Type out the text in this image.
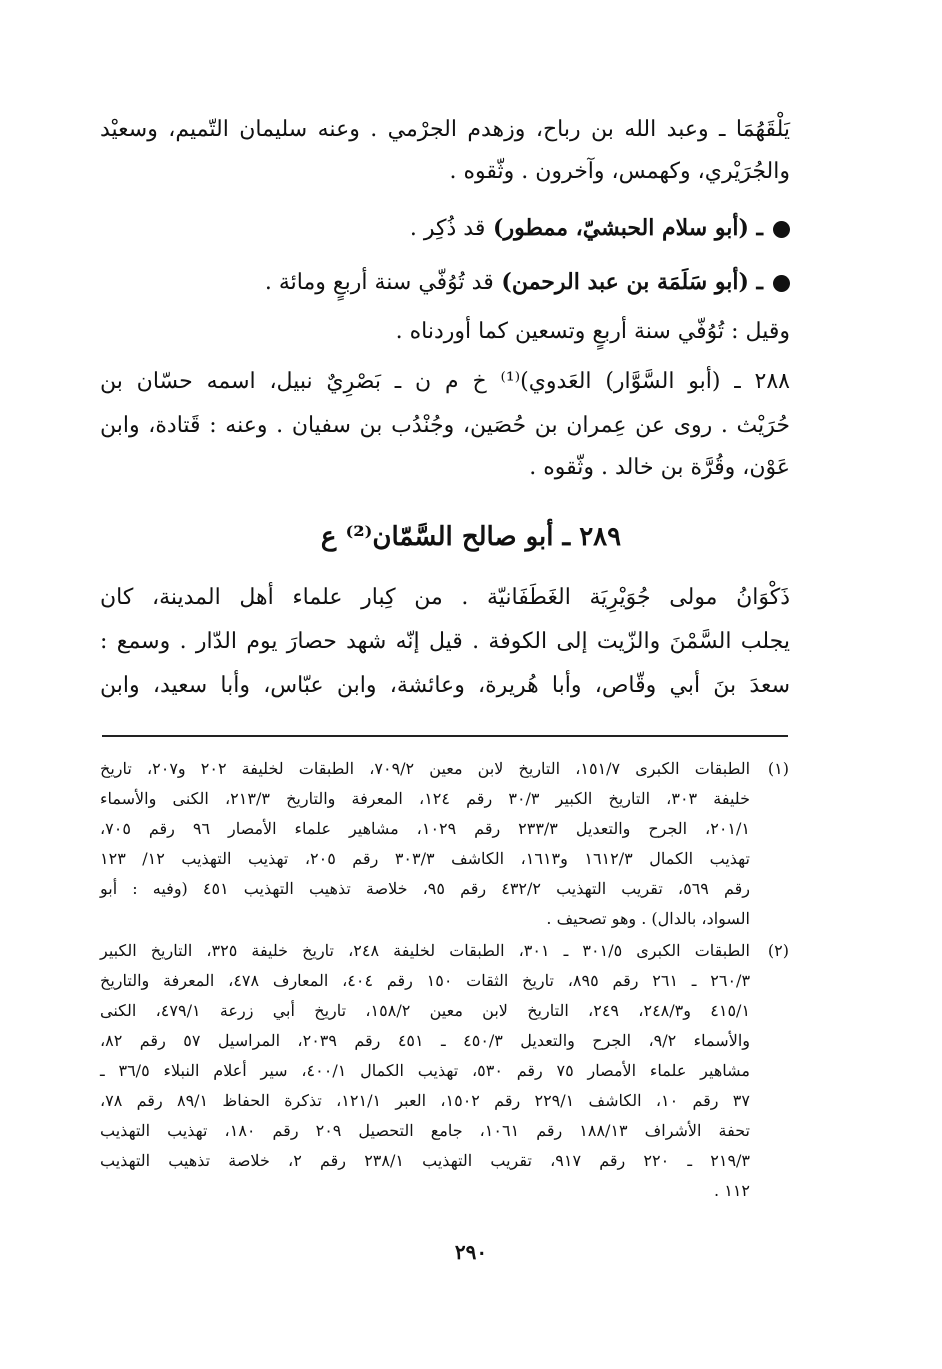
يَلْقَهُمَا ـ وعبد الله بن رباح، وزهدم الجرْمي . وعنه سليمان التّميم، وسعيْد
والجُرَيْري، وكهمس، وآخرون . وثّقوه .
ـ (أبو سلام الحبشيّ، ممطور) قد ذُكِر .
ـ (أبو سَلَمَة بن عبد الرحمن) قد تُوُفّي سنة أربعٍ ومائة .
وقيل : تُوُفّي سنة أربعٍ وتسعين كما أوردناه .
٢٨٨ ـ (أبو السَّوَّار) العَدوي)⁽¹⁾ خ م ن ـ بَصْرِيٌ نبيل، اسمه حسّان بن
حُرَيْث . روى عن عِمران بن حُصَين، وجُنْدُب بن سفيان . وعنه : قَتادة، وابن
عَوْن، وقُرَّة بن خالد . وثّقوه .
٢٨٩ ـ أبو صالح السَّمّان⁽²⁾ ع
ذَكْوَانُ مولى جُوَيْرِيَة الغَطَفَانيّة . من كِبار علماء أهل المدينة، كان
يجلب السَّمْنَ والزّيت إلى الكوفة . قيل إنّه شهد حصارَ يوم الدّار . وسمع :
سعدَ بنَ أبي وقّاص، وأبا هُريرة، وعائشة، وابن عبّاس، وأبا سعيد، وابن
(١)
الطبقات الكبرى ١٥١/٧، التاريخ لابن معين ٧٠٩/٢، الطبقات لخليفة ٢٠٢ و٢٠٧، تاريخ
خليفة ٣٠٣، التاريخ الكبير ٣٠/٣ رقم ١٢٤، المعرفة والتاريخ ٢١٣/٣، الكنى والأسماء
٢٠١/١، الجرح والتعديل ٢٣٣/٣ رقم ١٠٢٩، مشاهير علماء الأمصار ٩٦ رقم ٧٠٥،
تهذيب الكمال ١٦١٢/٣ و١٦١٣، الكاشف ٣٠٣/٣ رقم ٢٠٥، تهذيب التهذيب ١٢/ ١٢٣
رقم ٥٦٩، تقريب التهذيب ٤٣٢/٢ رقم ٩٥، خلاصة تذهيب التهذيب ٤٥١ (وفيه : أبو
السواد، بالدال) . وهو تصحيف .
(٢)
الطبقات الكبرى ٣٠١/٥ ـ ٣٠١، الطبقات لخليفة ٢٤٨، تاريخ خليفة ٣٢٥، التاريخ الكبير
٢٦٠/٣ ـ ٢٦١ رقم ٨٩٥، تاريخ الثقات ١٥٠ رقم ٤٠٤، المعارف ٤٧٨، المعرفة والتاريخ
٤١٥/١ و٢٤٨/٣، ٢٤٩، التاريخ لابن معين ١٥٨/٢، تاريخ أبي زرعة ٤٧٩/١، الكنى
والأسماء ٩/٢، الجرح والتعديل ٤٥٠/٣ ـ ٤٥١ رقم ٢٠٣٩، المراسيل ٥٧ رقم ٨٢،
مشاهير علماء الأمصار ٧٥ رقم ٥٣٠، تهذيب الكمال ٤٠٠/١، سير أعلام النبلاء ٣٦/٥ ـ
٣٧ رقم ١٠، الكاشف ٢٢٩/١ رقم ١٥٠٢، العبر ١٢١/١، تذكرة الحفاظ ٨٩/١ رقم ٧٨،
تحفة الأشراف ١٨٨/١٣ رقم ١٠٦١، جامع التحصيل ٢٠٩ رقم ١٨٠، تهذيب التهذيب
٢١٩/٣ ـ ٢٢٠ رقم ٩١٧، تقريب التهذيب ٢٣٨/١ رقم ٢، خلاصة تذهيب التهذيب
١١٢ .
٢٩٠
